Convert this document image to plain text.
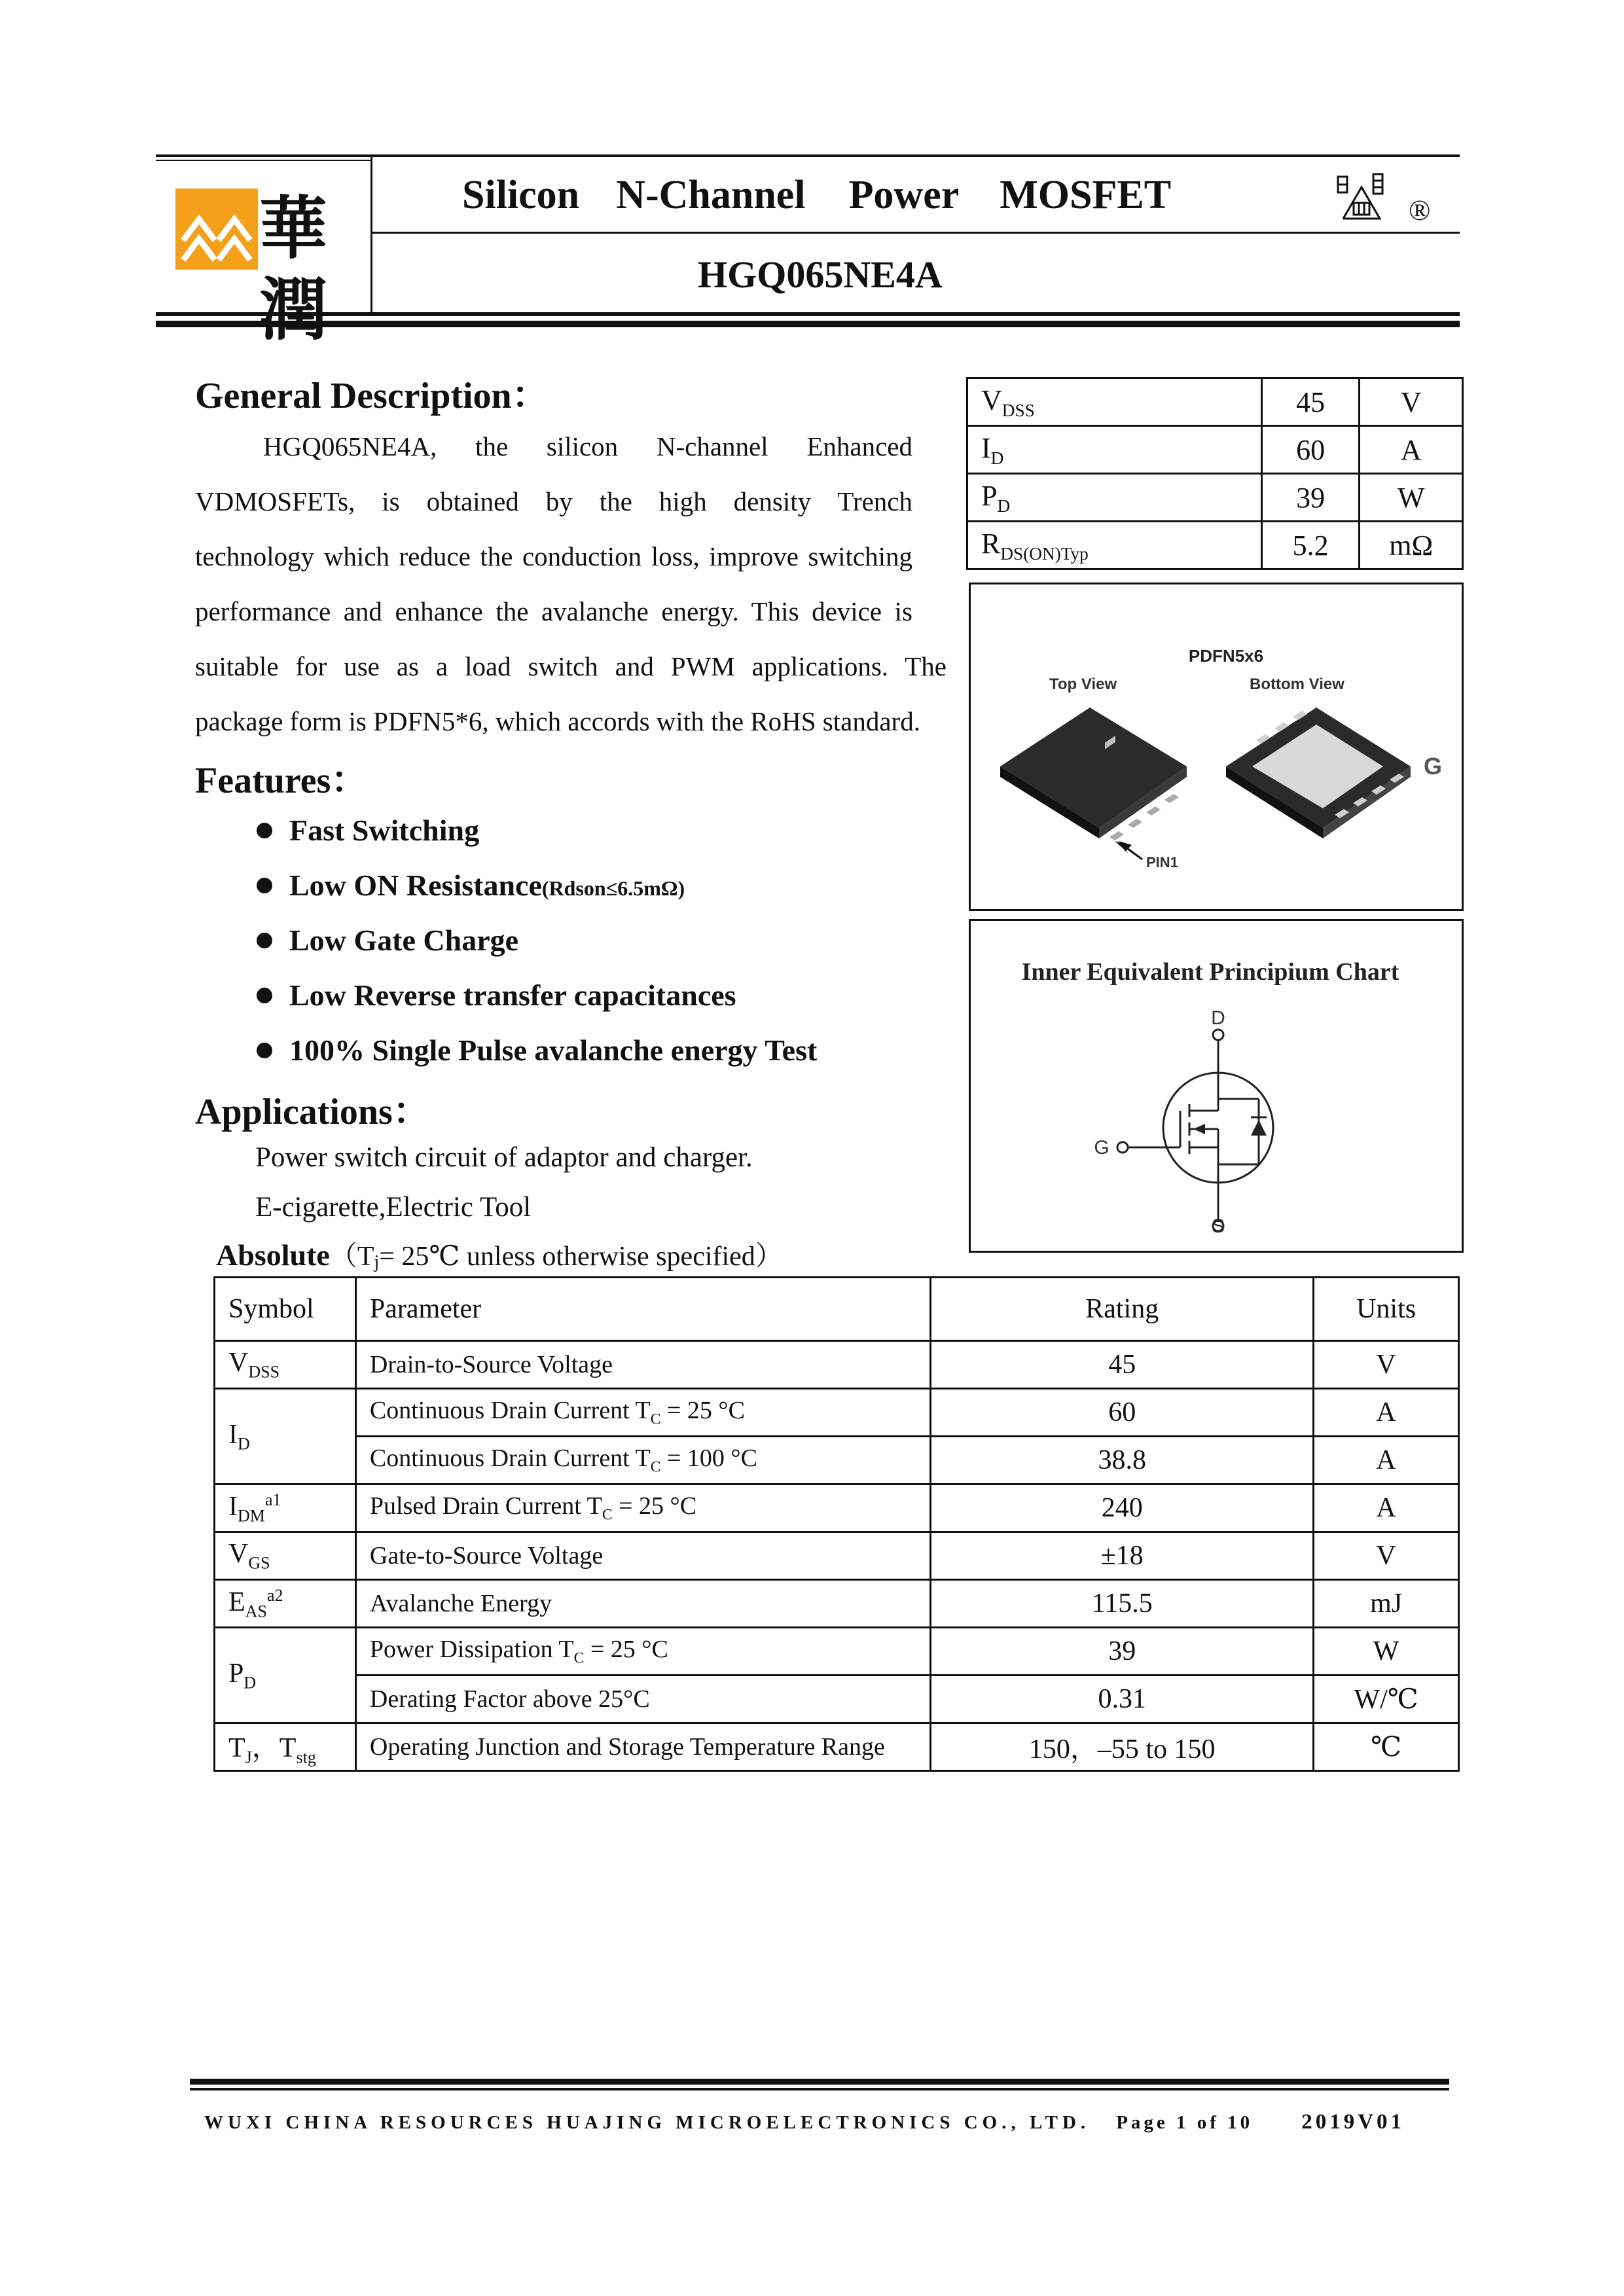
華潤
Silicon N-Channel Power MOSFET
HGQ065NE4A
®
General Description：
HGQ065NE4A, the silicon N-channel Enhanced
VDMOSFETs, is obtained by the high density Trench
technology which reduce the conduction loss, improve switching
performance and enhance the avalanche energy. This device is
suitable for use as a load switch and PWM applications. The
package form is PDFN5*6, which accords with the RoHS standard.
Features：
Fast Switching
Low ON Resistance(Rdson≤6.5mΩ)
Low Gate Charge
Low Reverse transfer capacitances
100% Single Pulse avalanche energy Test
Applications：
Power switch circuit of adaptor and charger.
E-cigarette,Electric Tool
$V_{DSS}$	45	V
$I_D$	60	A
$P_D$	39	W
$R_{DS(ON)Typ}$	5.2	mΩ
PDFN5x6
Top View	Bottom View
PIN1
G
Inner Equivalent Principium Chart
D
G
S
$Absolute(T_j=$ 25℃ unless otherwise specified）
Symbol	Parameter	Rating	Units
$V_{DSS}$	Drain-to-Source Voltage	45	V
$I_D$	Continuous Drain Current $T_C = 25$ °C	60	A
	Continuous Drain Current $T_C = 100$ °C	38.8	A
$I_{DM}^{a1}$	Pulsed Drain Current $T_C = 25$ °C	240	A
$V_{GS}$	Gate-to-Source Voltage	±18	V
$E_{AS}^{a2}$	Avalanche Energy	115.5	mJ
$P_D$	Power Dissipation $T_C = 25$ °C	39	W
	Derating Factor above 25°C	0.31	W/℃
$T_J$，$T_{stg}$	Operating Junction and Storage Temperature Range	150，–55 to 150	℃
WUXI CHINA RESOURCES HUAJING MICROELECTRONICS CO., LTD. Page 1 of 10 2019V01
